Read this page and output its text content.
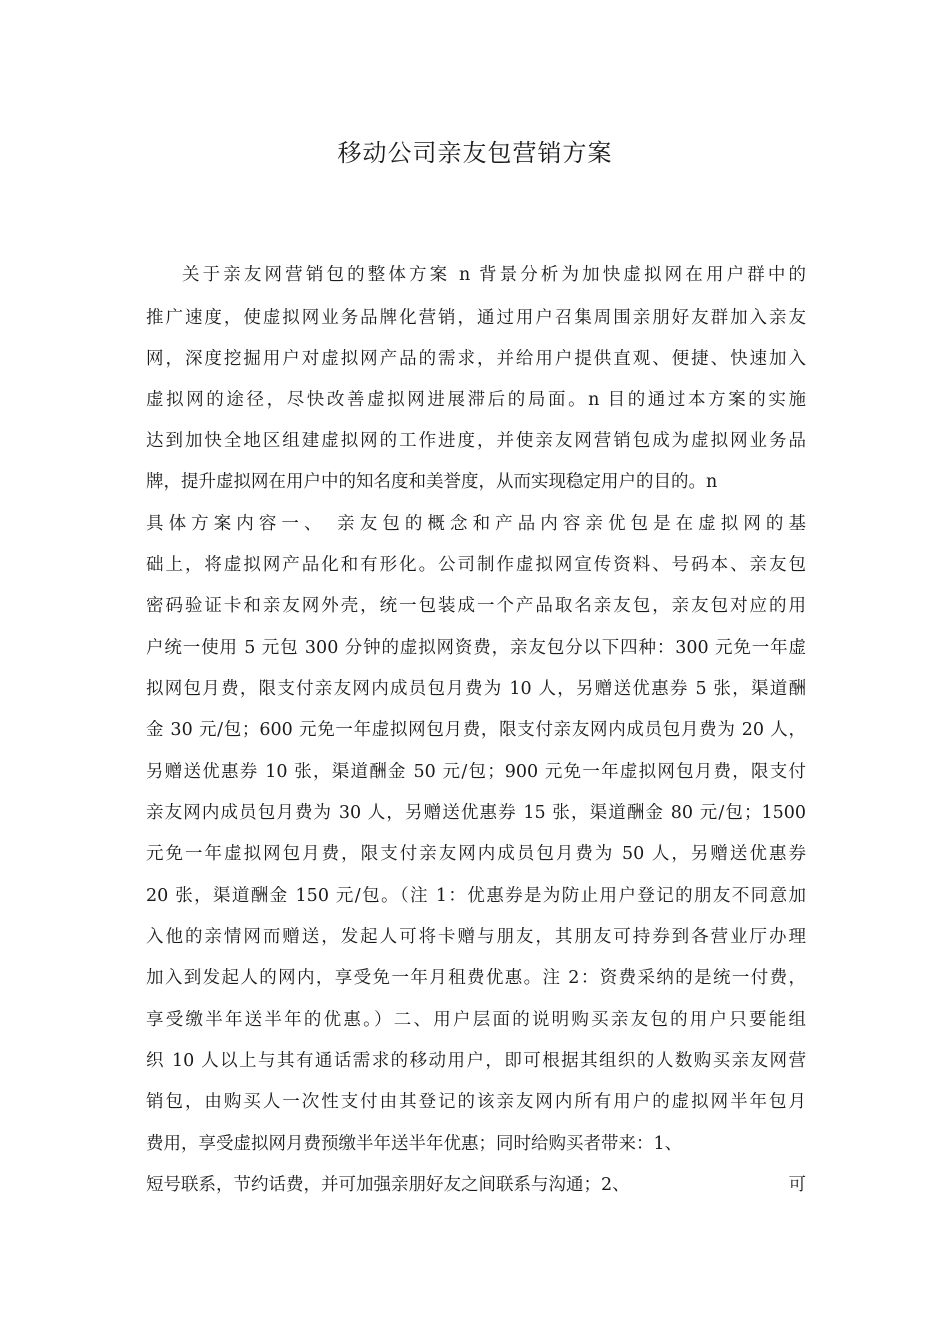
移动公司亲友包营销方案
关于亲友网营销包的整体方案 n 背景分析为加快虚拟网在用户群中的
推广速度，使虚拟网业务品牌化营销，通过用户召集周围亲朋好友群加入亲友
网，深度挖掘用户对虚拟网产品的需求，并给用户提供直观、便捷、快速加入
虚拟网的途径，尽快改善虚拟网进展滞后的局面。n 目的通过本方案的实施
达到加快全地区组建虚拟网的工作进度，并使亲友网营销包成为虚拟网业务品
牌，提升虚拟网在用户中的知名度和美誉度，从而实现稳定用户的目的。n
具体方案内容一、 亲友包的概念和产品内容亲优包是在虚拟网的基
础上，将虚拟网产品化和有形化。公司制作虚拟网宣传资料、号码本、亲友包
密码验证卡和亲友网外壳，统一包装成一个产品取名亲友包，亲友包对应的用
户统一使用 5 元包 300 分钟的虚拟网资费，亲友包分以下四种：300 元免一年虚
拟网包月费，限支付亲友网内成员包月费为 10 人，另赠送优惠券 5 张，渠道酬
金 30 元/包；600 元免一年虚拟网包月费，限支付亲友网内成员包月费为 20 人，
另赠送优惠券 10 张，渠道酬金 50 元/包；900 元免一年虚拟网包月费，限支付
亲友网内成员包月费为 30 人，另赠送优惠券 15 张，渠道酬金 80 元/包；1500
元免一年虚拟网包月费，限支付亲友网内成员包月费为 50 人，另赠送优惠券
20 张，渠道酬金 150 元/包。（注 1：优惠券是为防止用户登记的朋友不同意加
入他的亲情网而赠送，发起人可将卡赠与朋友，其朋友可持券到各营业厅办理
加入到发起人的网内，享受免一年月租费优惠。注 2：资费采纳的是统一付费，
享受缴半年送半年的优惠。）二、用户层面的说明购买亲友包的用户只要能组
织 10 人以上与其有通话需求的移动用户，即可根据其组织的人数购买亲友网营
销包，由购买人一次性支付由其登记的该亲友网内所有用户的虚拟网半年包月
费用，享受虚拟网月费预缴半年送半年优惠；同时给购买者带来：1、
短号联系，节约话费，并可加强亲朋好友之间联系与沟通；2、	可
